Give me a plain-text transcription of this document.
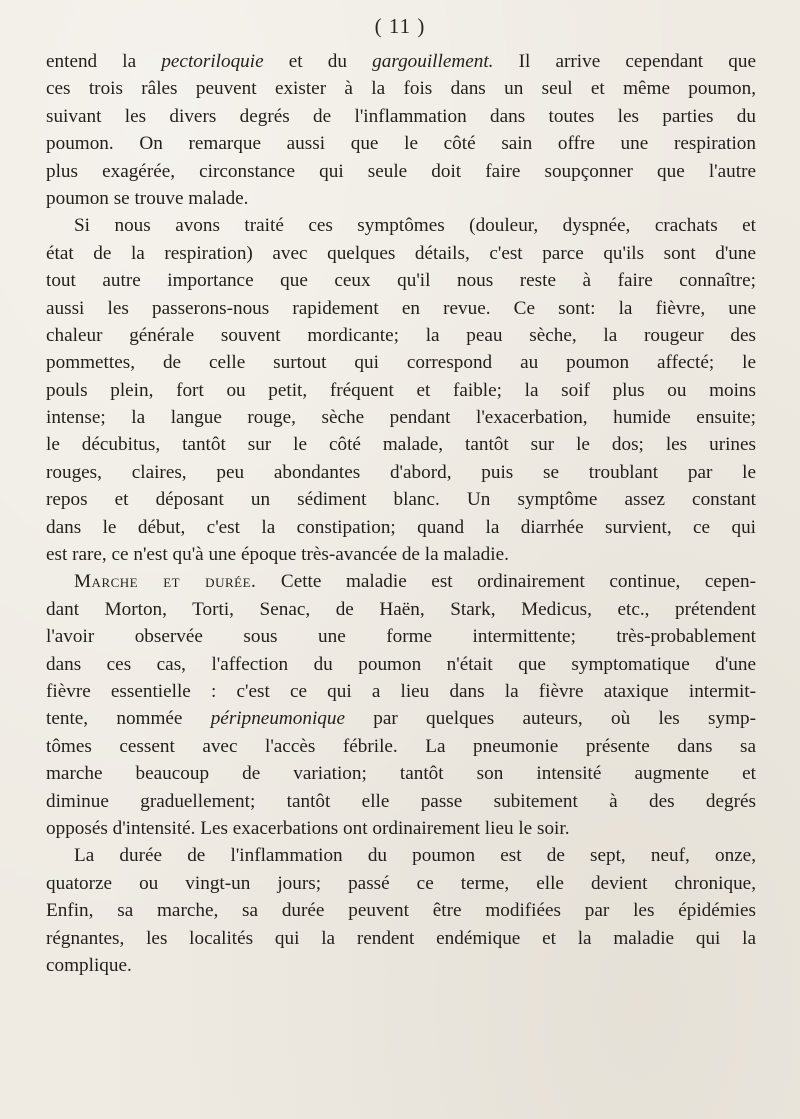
( 11 )
entend la pectoriloquie et du gargouillement. Il arrive cependant que
ces trois râles peuvent exister à la fois dans un seul et même poumon,
suivant les divers degrés de l'inflammation dans toutes les parties du
poumon. On remarque aussi que le côté sain offre une respiration
plus exagérée, circonstance qui seule doit faire soupçonner que l'autre
poumon se trouve malade.
Si nous avons traité ces symptômes (douleur, dyspnée, crachats et
état de la respiration) avec quelques détails, c'est parce qu'ils sont d'une
tout autre importance que ceux qu'il nous reste à faire connaître;
aussi les passerons-nous rapidement en revue. Ce sont: la fièvre, une
chaleur générale souvent mordicante; la peau sèche, la rougeur des
pommettes, de celle surtout qui correspond au poumon affecté; le
pouls plein, fort ou petit, fréquent et faible; la soif plus ou moins
intense; la langue rouge, sèche pendant l'exacerbation, humide ensuite;
le décubitus, tantôt sur le côté malade, tantôt sur le dos; les urines
rouges, claires, peu abondantes d'abord, puis se troublant par le
repos et déposant un sédiment blanc. Un symptôme assez constant
dans le début, c'est la constipation; quand la diarrhée survient, ce qui
est rare, ce n'est qu'à une époque très-avancée de la maladie.
Marche et durée. Cette maladie est ordinairement continue, cepen-
dant Morton, Torti, Senac, de Haën, Stark, Medicus, etc., prétendent
l'avoir observée sous une forme intermittente; très-probablement
dans ces cas, l'affection du poumon n'était que symptomatique d'une
fièvre essentielle : c'est ce qui a lieu dans la fièvre ataxique intermit-
tente, nommée péripneumonique par quelques auteurs, où les symp-
tômes cessent avec l'accès fébrile. La pneumonie présente dans sa
marche beaucoup de variation; tantôt son intensité augmente et
diminue graduellement; tantôt elle passe subitement à des degrés
opposés d'intensité. Les exacerbations ont ordinairement lieu le soir.
La durée de l'inflammation du poumon est de sept, neuf, onze,
quatorze ou vingt-un jours; passé ce terme, elle devient chronique,
Enfin, sa marche, sa durée peuvent être modifiées par les épidémies
régnantes, les localités qui la rendent endémique et la maladie qui la
complique.
